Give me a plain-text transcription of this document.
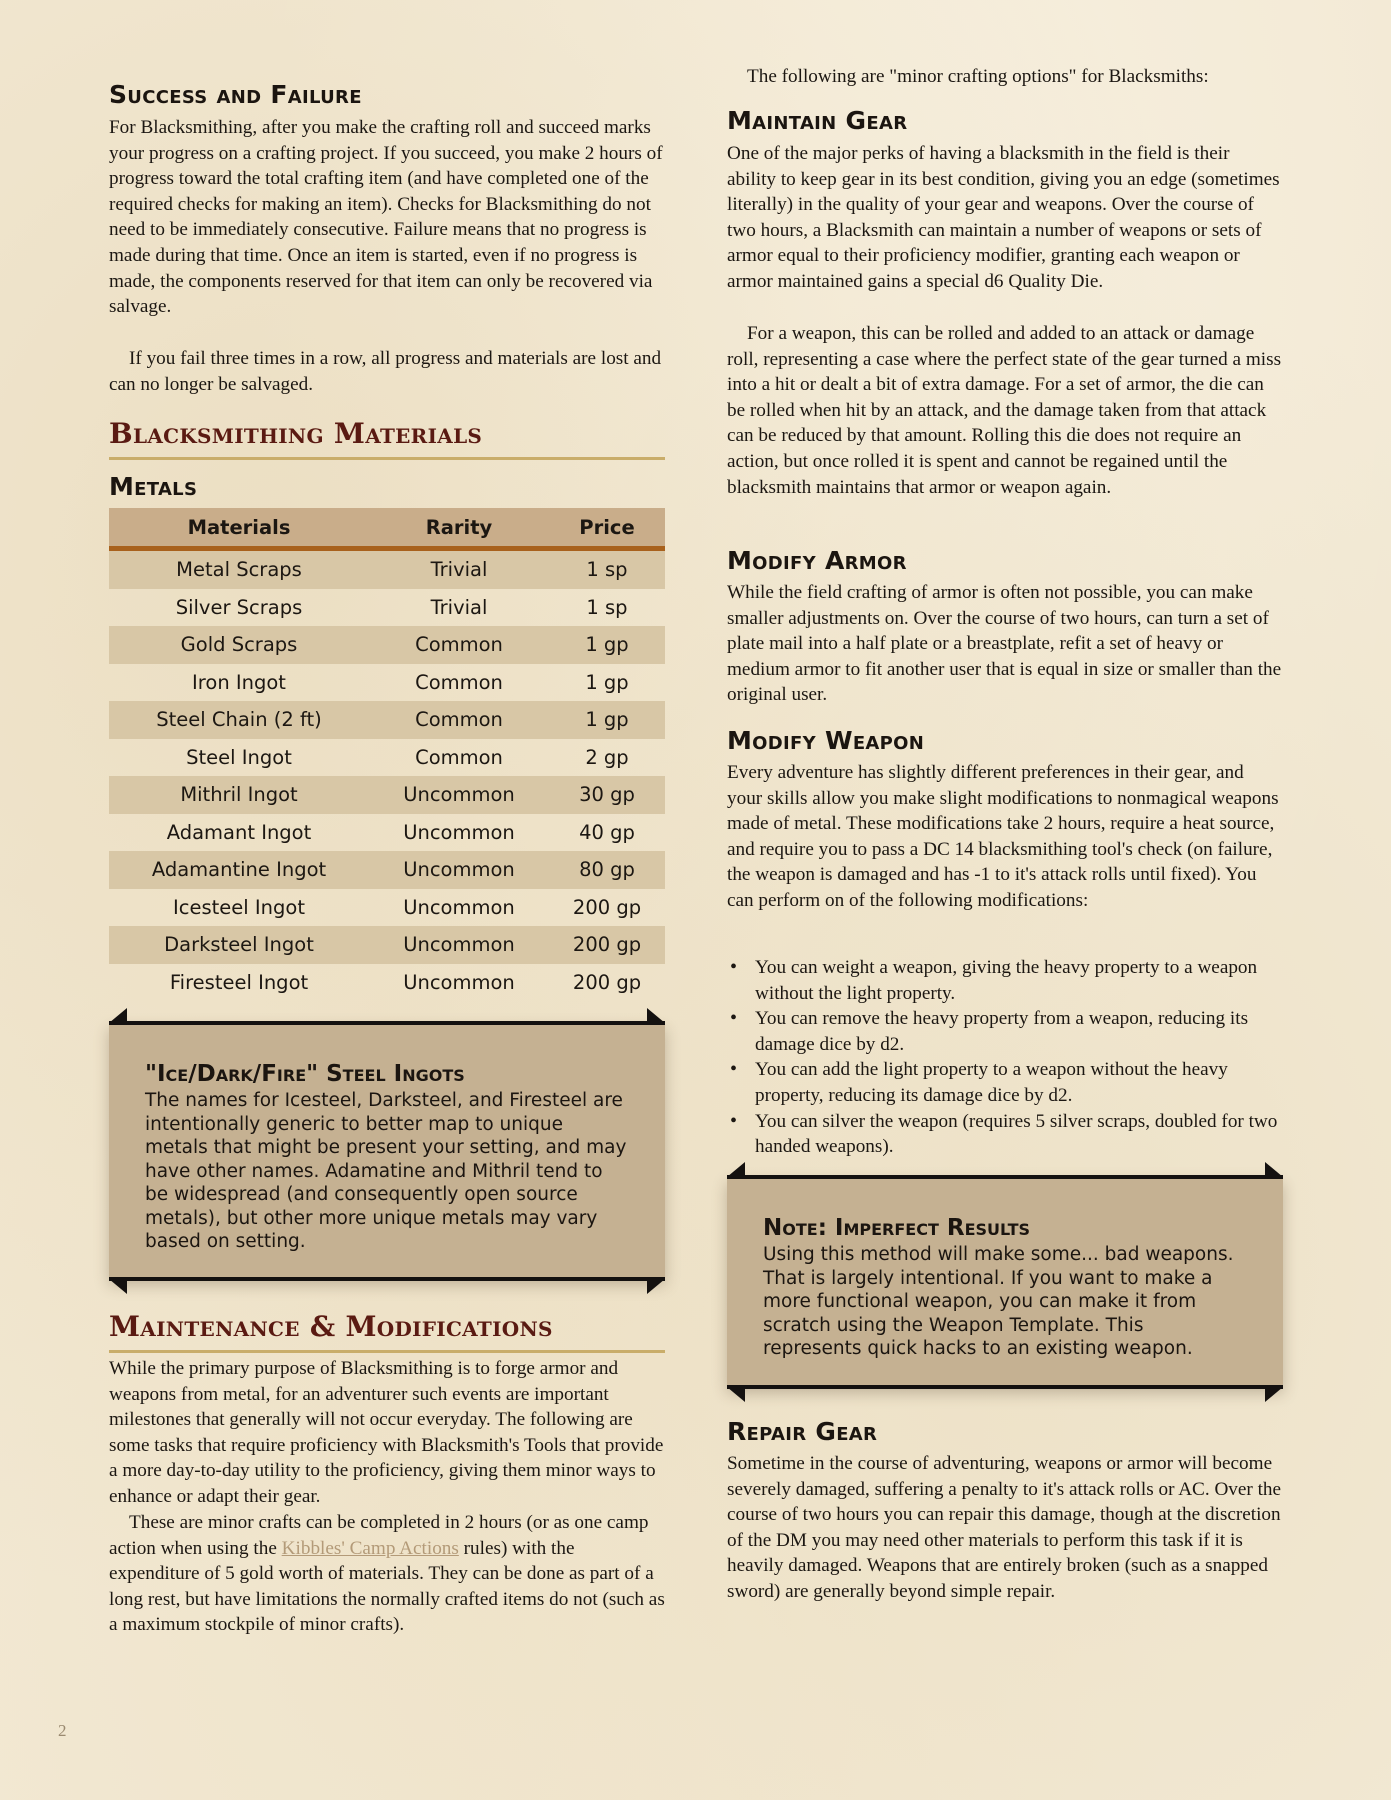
Success and Failure

For Blacksmithing, after you make the crafting roll and succeed marks your progress on a crafting project. If you succeed, you make 2 hours of progress toward the total crafting item (and have completed one of the required checks for making an item). Checks for Blacksmithing do not need to be immediately consecutive. Failure means that no progress is made during that time. Once an item is started, even if no progress is made, the components reserved for that item can only be recovered via salvage.

If you fail three times in a row, all progress and materials are lost and can no longer be salvaged.

Blacksmithing Materials
Metals
Materials	Rarity	Price
Metal Scraps	Trivial	1 sp
Silver Scraps	Trivial	1 sp
Gold Scraps	Common	1 gp
Iron Ingot	Common	1 gp
Steel Chain (2 ft)	Common	1 gp
Steel Ingot	Common	2 gp
Mithril Ingot	Uncommon	30 gp
Adamant Ingot	Uncommon	40 gp
Adamantine Ingot	Uncommon	80 gp
Icesteel Ingot	Uncommon	200 gp
Darksteel Ingot	Uncommon	200 gp
Firesteel Ingot	Uncommon	200 gp
"Ice/Dark/Fire" Steel Ingots

The names for Icesteel, Darksteel, and Firesteel are intentionally generic to better map to unique metals that might be present your setting, and may have other names. Adamatine and Mithril tend to be widespread (and consequently open source metals), but other more unique metals may vary based on setting.

Maintenance & Modifications

While the primary purpose of Blacksmithing is to forge armor and weapons from metal, for an adventurer such events are important milestones that generally will not occur everyday. The following are some tasks that require proficiency with Blacksmith's Tools that provide a more day-to-day utility to the proficiency, giving them minor ways to enhance or adapt their gear.

These are minor crafts can be completed in 2 hours (or as one camp action when using the Kibbles' Camp Actions rules) with the expenditure of 5 gold worth of materials. They can be done as part of a long rest, but have limitations the normally crafted items do not (such as a maximum stockpile of minor crafts).

The following are "minor crafting options" for Blacksmiths:

Maintain Gear

One of the major perks of having a blacksmith in the field is their ability to keep gear in its best condition, giving you an edge (sometimes literally) in the quality of your gear and weapons. Over the course of two hours, a Blacksmith can maintain a number of weapons or sets of armor equal to their proficiency modifier, granting each weapon or armor maintained gains a special d6 Quality Die.

For a weapon, this can be rolled and added to an attack or damage roll, representing a case where the perfect state of the gear turned a miss into a hit or dealt a bit of extra damage. For a set of armor, the die can be rolled when hit by an attack, and the damage taken from that attack can be reduced by that amount. Rolling this die does not require an action, but once rolled it is spent and cannot be regained until the blacksmith maintains that armor or weapon again.

Modify Armor

While the field crafting of armor is often not possible, you can make smaller adjustments on. Over the course of two hours, can turn a set of plate mail into a half plate or a breastplate, refit a set of heavy or medium armor to fit another user that is equal in size or smaller than the original user.

Modify Weapon

Every adventure has slightly different preferences in their gear, and your skills allow you make slight modifications to nonmagical weapons made of metal. These modifications take 2 hours, require a heat source, and require you to pass a DC 14 blacksmithing tool's check (on failure, the weapon is damaged and has -1 to it's attack rolls until fixed). You can perform on of the following modifications:

• You can weight a weapon, giving the heavy property to a weapon without the light property.
• You can remove the heavy property from a weapon, reducing its damage dice by d2.
• You can add the light property to a weapon without the heavy property, reducing its damage dice by d2.
• You can silver the weapon (requires 5 silver scraps, doubled for two handed weapons).
Note: Imperfect Results

Using this method will make some... bad weapons. That is largely intentional. If you want to make a more functional weapon, you can make it from scratch using the Weapon Template. This represents quick hacks to an existing weapon.

Repair Gear

Sometime in the course of adventuring, weapons or armor will become severely damaged, suffering a penalty to it's attack rolls or AC. Over the course of two hours you can repair this damage, though at the discretion of the DM you may need other materials to perform this task if it is heavily damaged. Weapons that are entirely broken (such as a snapped sword) are generally beyond simple repair.

2
